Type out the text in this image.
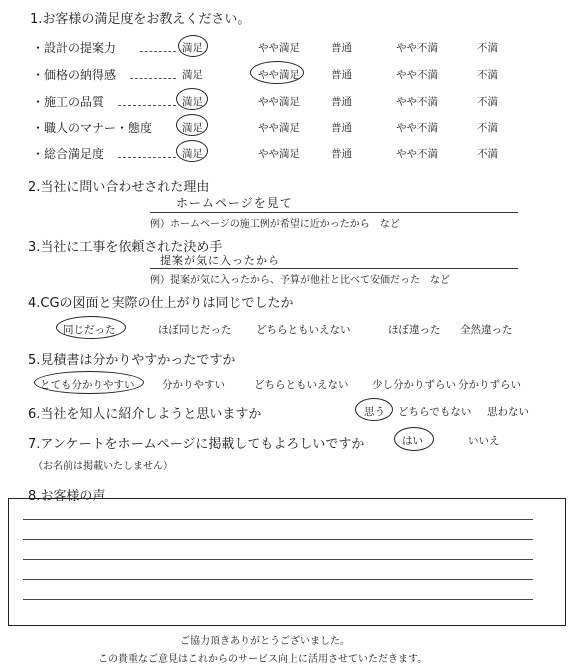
1.お客様の満足度をお教えください。
・設計の提案力	満足	やや満足	普通	やや不満	不満
・価格の納得感	満足	やや満足	普通	やや不満	不満
・施工の品質	満足	やや満足	普通	やや不満	不満
・職人のマナー・態度	満足	やや満足	普通	やや不満	不満
・総合満足度	満足	やや満足	普通	やや不満	不満
2.当社に問い合わせされた理由
ホームページを見て
例）ホームページの施工例が希望に近かったから　など
3.当社に工事を依頼された決め手
提案が気に入ったから
例）提案が気に入ったから、予算が他社と比べて安価だった　など
4.CGの図面と実際の仕上がりは同じでしたか
同じだった	ほぼ同じだった どちらともいえない	ほぼ違った 全然違った
5.見積書は分かりやすかったですか
とても分かりやすい	分かりやすい	どちらともいえない 少し分かりずらい 分かりずらい
6.当社を知人に紹介しようと思いますか	思う どちらでもない 思わない
7.アンケートをホームページに掲載してもよろしいですか
（お名前は掲載いたしません）
はい	いいえ
8.お客様の声
ご協力頂きありがとうございました。
この貴重なご意見はこれからのサービス向上に活用させていただきます。
